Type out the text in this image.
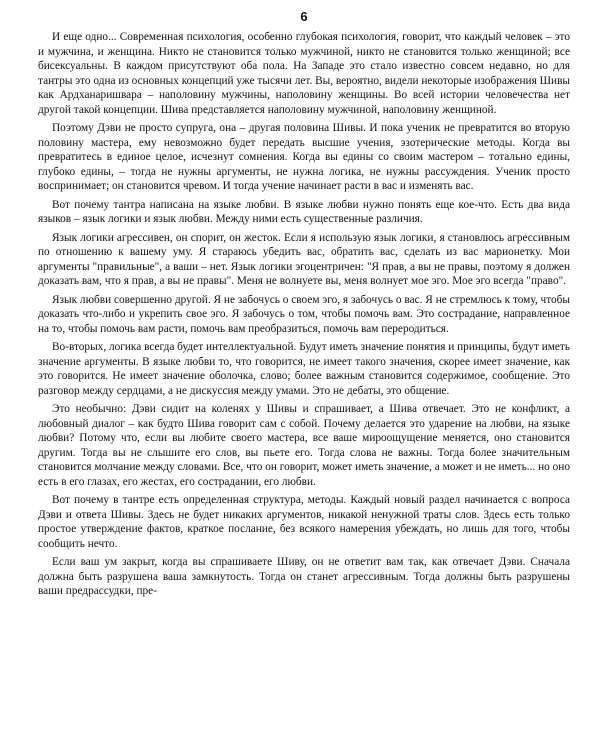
6

И еще одно... Современная психология, особенно глубокая психология, говорит, что каждый человек – это и мужчина, и женщина. Никто не становится только мужчиной, никто не становится только женщиной; все бисексуальны. В каждом присутствуют оба пола. На Западе это стало известно совсем недавно, но для тантры это одна из основных концепций уже тысячи лет. Вы, вероятно, видели некоторые изображения Шивы как Ардханаришвара – наполовину мужчины, наполовину женщины. Во всей истории человечества нет другой такой концепции. Шива представляется наполовину мужчиной, наполовину женщиной.

Поэтому Дэви не просто супруга, она – другая половина Шивы. И пока ученик не превратится во вторую половину мастера, ему невозможно будет передать высшие учения, эзотерические методы. Когда вы превратитесь в единое целое, исчезнут сомнения. Когда вы едины со своим мастером – тотально едины, глубоко едины, – тогда не нужны аргументы, не нужна логика, не нужны рассуждения. Ученик просто воспринимает; он становится чревом. И тогда учение начинает расти в вас и изменять вас.

Вот почему тантра написана на языке любви. В языке любви нужно понять еще кое-что. Есть два вида языков – язык логики и язык любви. Между ними есть существенные различия.

Язык логики агрессивен, он спорит, он жесток. Если я использую язык логики, я становлюсь агрессивным по отношению к вашему уму. Я стараюсь убедить вас, обратить вас, сделать из вас марионетку. Мои аргументы "правильные", а ваши – нет. Язык логики эгоцентричен: "Я прав, а вы не правы, поэтому я должен доказать вам, что я прав, а вы не правы". Меня не волнуете вы, меня волнует мое эго. Мое эго всегда "право".

Язык любви совершенно другой. Я не забочусь о своем эго, я забочусь о вас. Я не стремлюсь к тому, чтобы доказать что-либо и укрепить свое эго. Я забочусь о том, чтобы помочь вам. Это сострадание, направленное на то, чтобы помочь вам расти, помочь вам преобразиться, помочь вам переродиться.

Во-вторых, логика всегда будет интеллектуальной. Будут иметь значение понятия и принципы, будут иметь значение аргументы. В языке любви то, что говорится, не имеет такого значения, скорее имеет значение, как это говорится. Не имеет значение оболочка, слово; более важным становится содержимое, сообщение. Это разговор между сердцами, а не дискуссия между умами. Это не дебаты, это общение.

Это необычно: Дэви сидит на коленях у Шивы и спрашивает, а Шива отвечает. Это не конфликт, а любовный диалог – как будто Шива говорит сам с собой. Почему делается это ударение на любви, на языке любви? Потому что, если вы любите своего мастера, все ваше мироощущение меняется, оно становится другим. Тогда вы не слышите его слов, вы пьете его. Тогда слова не важны. Тогда более значительным становится молчание между словами. Все, что он говорит, может иметь значение, а может и не иметь... но оно есть в его глазах, его жестах, его сострадании, его любви.

Вот почему в тантре есть определенная структура, методы. Каждый новый раздел начинается с вопроса Дэви и ответа Шивы. Здесь не будет никаких аргументов, никакой ненужной траты слов. Здесь есть только простое утверждение фактов, краткое послание, без всякого намерения убеждать, но лишь для того, чтобы сообщить нечто.

Если ваш ум закрыт, когда вы спрашиваете Шиву, он не ответит вам так, как отвечает Дэви. Сначала должна быть разрушена ваша замкнутость. Тогда он станет агрессивным. Тогда должны быть разрушены ваши предрассудки, пре-
